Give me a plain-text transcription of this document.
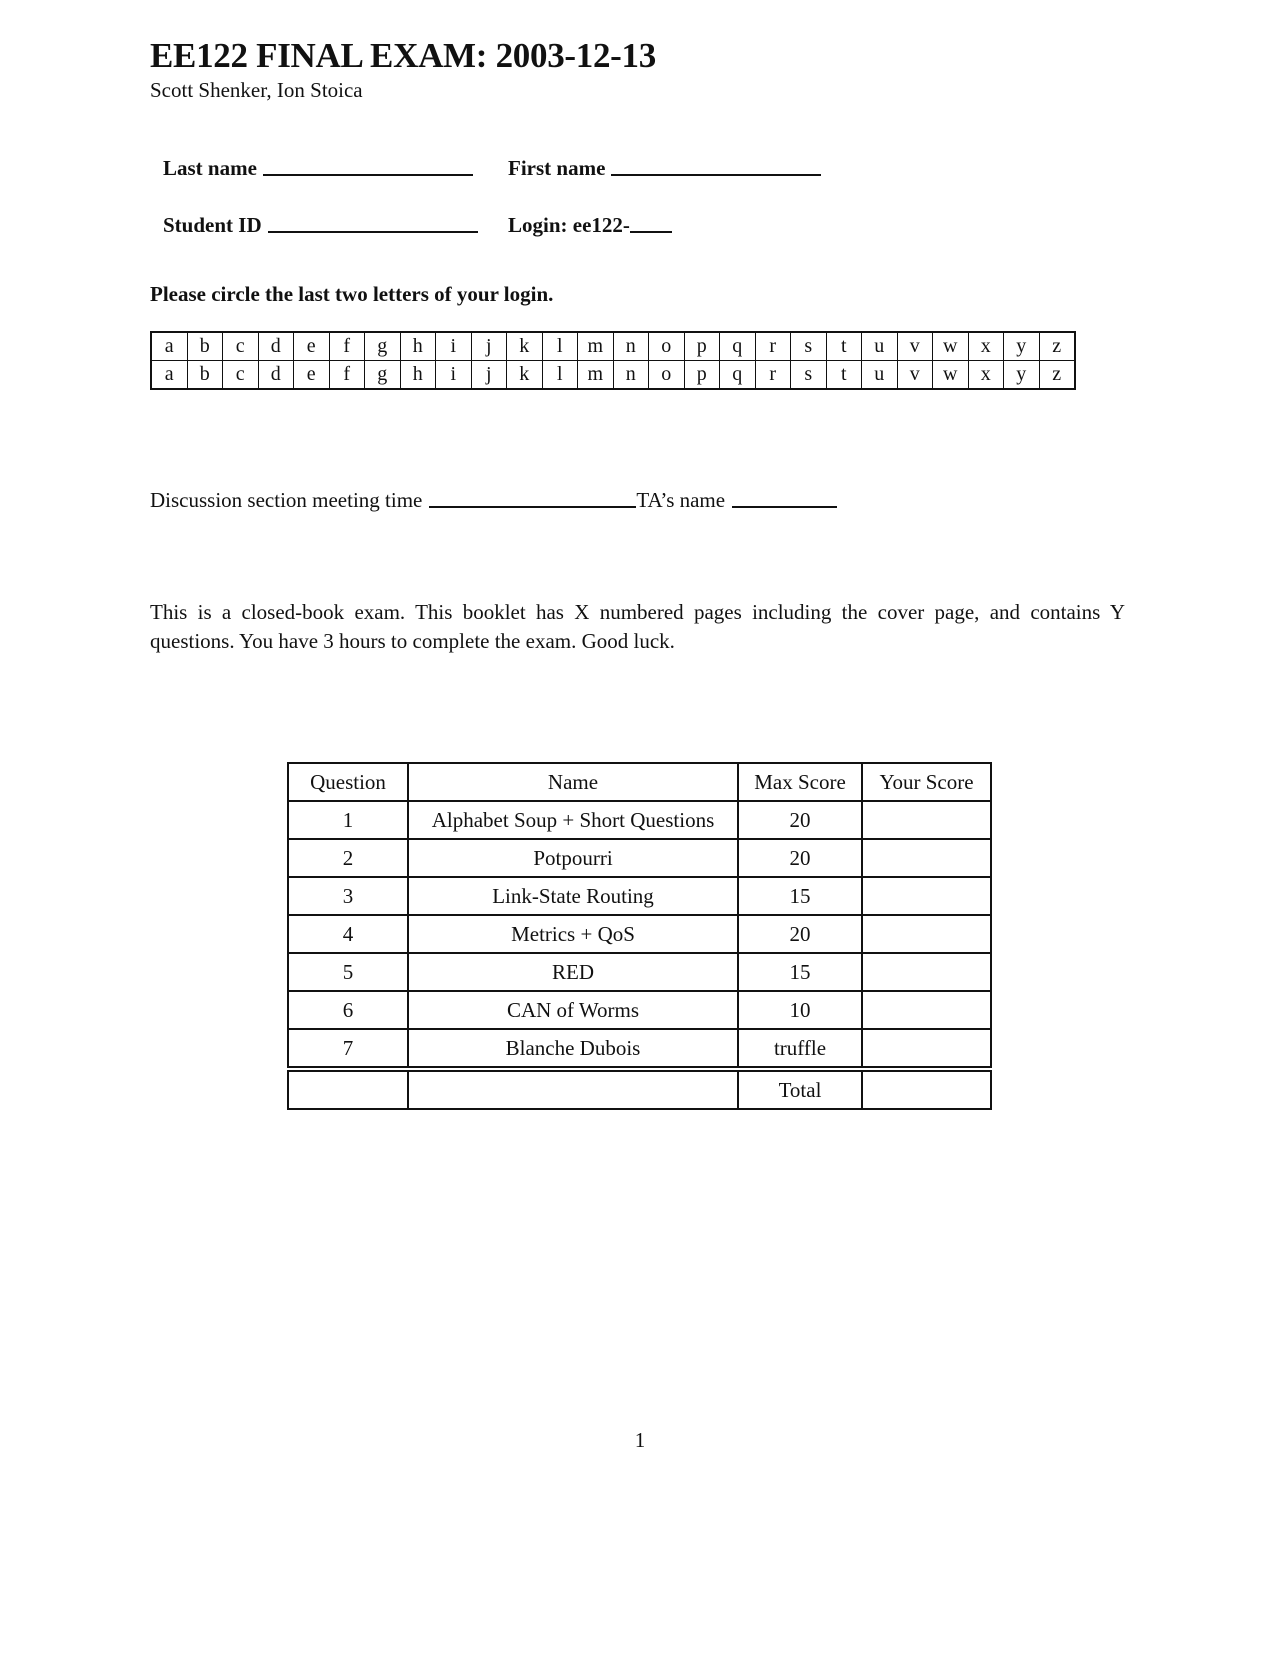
EE122 FINAL EXAM: 2003-12-13
Scott Shenker, Ion Stoica
Last name	First name
Student ID	Login: ee122-
Please circle the last two letters of your login.
a	b	c	d	e	f	g	h	i	j	k	l	m	n	o	p	q	r	s	t	u	v	w	x	y	z
a	b	c	d	e	f	g	h	i	j	k	l	m	n	o	p	q	r	s	t	u	v	w	x	y	z
Discussion section meeting time	TA’s name
This is a closed-book exam. This booklet has X numbered pages including the cover page, and contains Y questions. You have 3 hours to complete the exam. Good luck.
Question	Name	Max Score	Your Score
1	Alphabet Soup + Short Questions	20	
2	Potpourri	20	
3	Link-State Routing	15	
4	Metrics + QoS	20	
5	RED	15	
6	CAN of Worms	10	
7	Blanche Dubois	truffle	

		Total	
1
